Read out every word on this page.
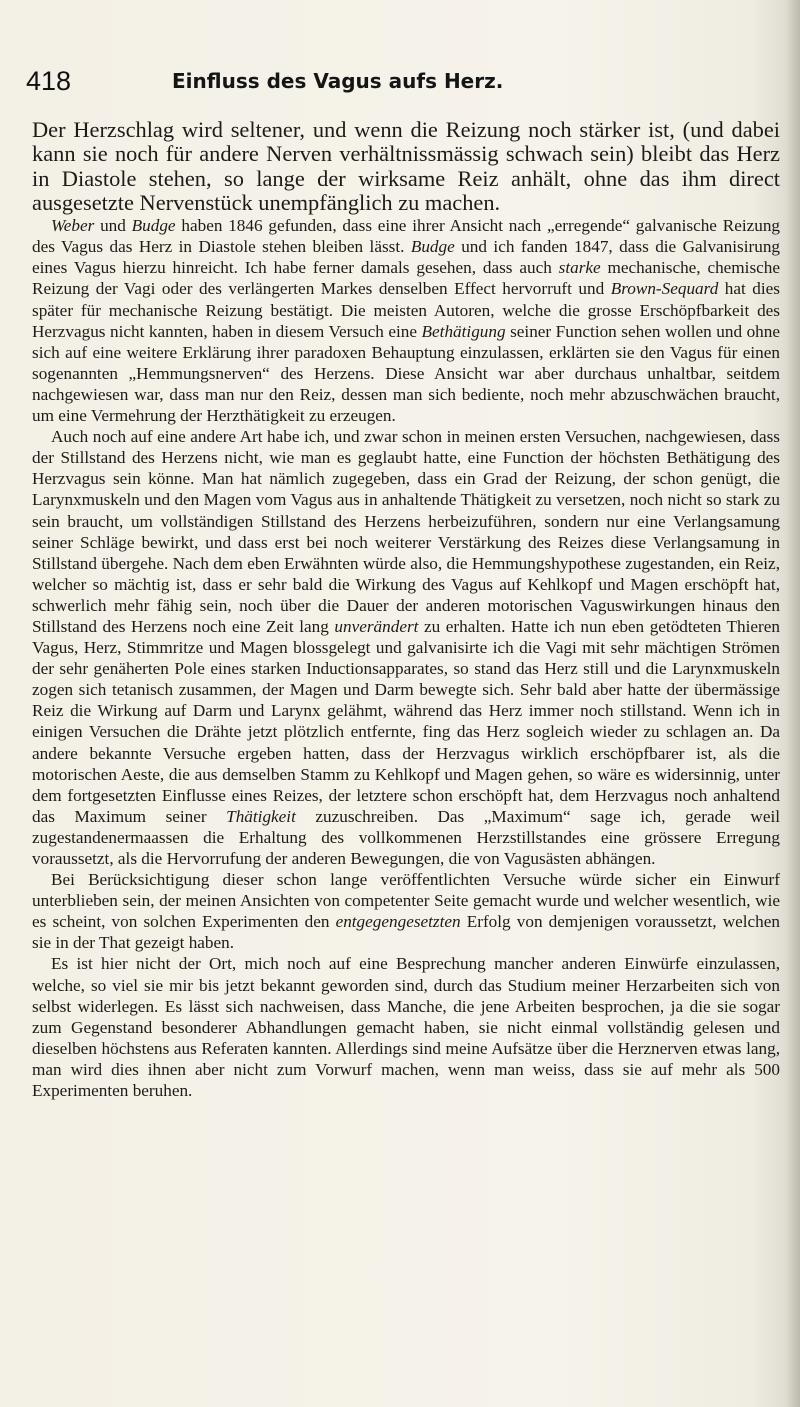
418	Einfluss des Vagus aufs Herz.

Der Herzschlag wird seltener, und wenn die Reizung noch stärker ist, (und dabei kann sie noch für andere Nerven verhältnissmässig schwach sein) bleibt das Herz in Diastole stehen, so lange der wirksame Reiz anhält, ohne das ihm direct ausgesetzte Nervenstück unempfänglich zu machen.

Weber und Budge haben 1846 gefunden, dass eine ihrer Ansicht nach „erregende“ galvanische Reizung des Vagus das Herz in Diastole stehen bleiben lässt. Budge und ich fanden 1847, dass die Galvanisirung eines Vagus hierzu hinreicht. Ich habe ferner damals gesehen, dass auch starke mechanische, chemische Reizung der Vagi oder des verlängerten Markes denselben Effect hervorruft und Brown-Sequard hat dies später für mechanische Reizung bestätigt. Die meisten Autoren, welche die grosse Erschöpfbarkeit des Herzvagus nicht kannten, haben in diesem Versuch eine Bethätigung seiner Function sehen wollen und ohne sich auf eine weitere Erklärung ihrer paradoxen Behauptung einzulassen, erklärten sie den Vagus für einen sogenannten „Hemmungsnerven“ des Herzens. Diese Ansicht war aber durchaus unhaltbar, seitdem nachgewiesen war, dass man nur den Reiz, dessen man sich bediente, noch mehr abzuschwächen braucht, um eine Vermehrung der Herzthätigkeit zu erzeugen.

Auch noch auf eine andere Art habe ich, und zwar schon in meinen ersten Versuchen, nachgewiesen, dass der Stillstand des Herzens nicht, wie man es geglaubt hatte, eine Function der höchsten Bethätigung des Herzvagus sein könne. Man hat nämlich zugegeben, dass ein Grad der Reizung, der schon genügt, die Larynxmuskeln und den Magen vom Vagus aus in anhaltende Thätigkeit zu versetzen, noch nicht so stark zu sein braucht, um vollständigen Stillstand des Herzens herbeizuführen, sondern nur eine Verlangsamung seiner Schläge bewirkt, und dass erst bei noch weiterer Verstärkung des Reizes diese Verlangsamung in Stillstand übergehe. Nach dem eben Erwähnten würde also, die Hemmungshypothese zugestanden, ein Reiz, welcher so mächtig ist, dass er sehr bald die Wirkung des Vagus auf Kehlkopf und Magen erschöpft hat, schwerlich mehr fähig sein, noch über die Dauer der anderen motorischen Vaguswirkungen hinaus den Stillstand des Herzens noch eine Zeit lang unverändert zu erhalten. Hatte ich nun eben getödteten Thieren Vagus, Herz, Stimmritze und Magen blossgelegt und galvanisirte ich die Vagi mit sehr mächtigen Strömen der sehr genäherten Pole eines starken Inductionsapparates, so stand das Herz still und die Larynxmuskeln zogen sich tetanisch zusammen, der Magen und Darm bewegte sich. Sehr bald aber hatte der übermässige Reiz die Wirkung auf Darm und Larynx gelähmt, während das Herz immer noch stillstand. Wenn ich in einigen Versuchen die Drähte jetzt plötzlich entfernte, fing das Herz sogleich wieder zu schlagen an. Da andere bekannte Versuche ergeben hatten, dass der Herzvagus wirklich erschöpfbarer ist, als die motorischen Aeste, die aus demselben Stamm zu Kehlkopf und Magen gehen, so wäre es widersinnig, unter dem fortgesetzten Einflusse eines Reizes, der letztere schon erschöpft hat, dem Herzvagus noch anhaltend das Maximum seiner Thätigkeit zuzuschreiben. Das „Maximum“ sage ich, gerade weil zugestandenermaassen die Erhaltung des vollkommenen Herzstillstandes eine grössere Erregung voraussetzt, als die Hervorrufung der anderen Bewegungen, die von Vagusästen abhängen.

Bei Berücksichtigung dieser schon lange veröffentlichten Versuche würde sicher ein Einwurf unterblieben sein, der meinen Ansichten von competenter Seite gemacht wurde und welcher wesentlich, wie es scheint, von solchen Experimenten den entgegengesetzten Erfolg von demjenigen voraussetzt, welchen sie in der That gezeigt haben.

Es ist hier nicht der Ort, mich noch auf eine Besprechung mancher anderen Einwürfe einzulassen, welche, so viel sie mir bis jetzt bekannt geworden sind, durch das Studium meiner Herzarbeiten sich von selbst widerlegen. Es lässt sich nachweisen, dass Manche, die jene Arbeiten besprochen, ja die sie sogar zum Gegenstand besonderer Abhandlungen gemacht haben, sie nicht einmal vollständig gelesen und dieselben höchstens aus Referaten kannten. Allerdings sind meine Aufsätze über die Herznerven etwas lang, man wird dies ihnen aber nicht zum Vorwurf machen, wenn man weiss, dass sie auf mehr als 500 Experimenten beruhen.
